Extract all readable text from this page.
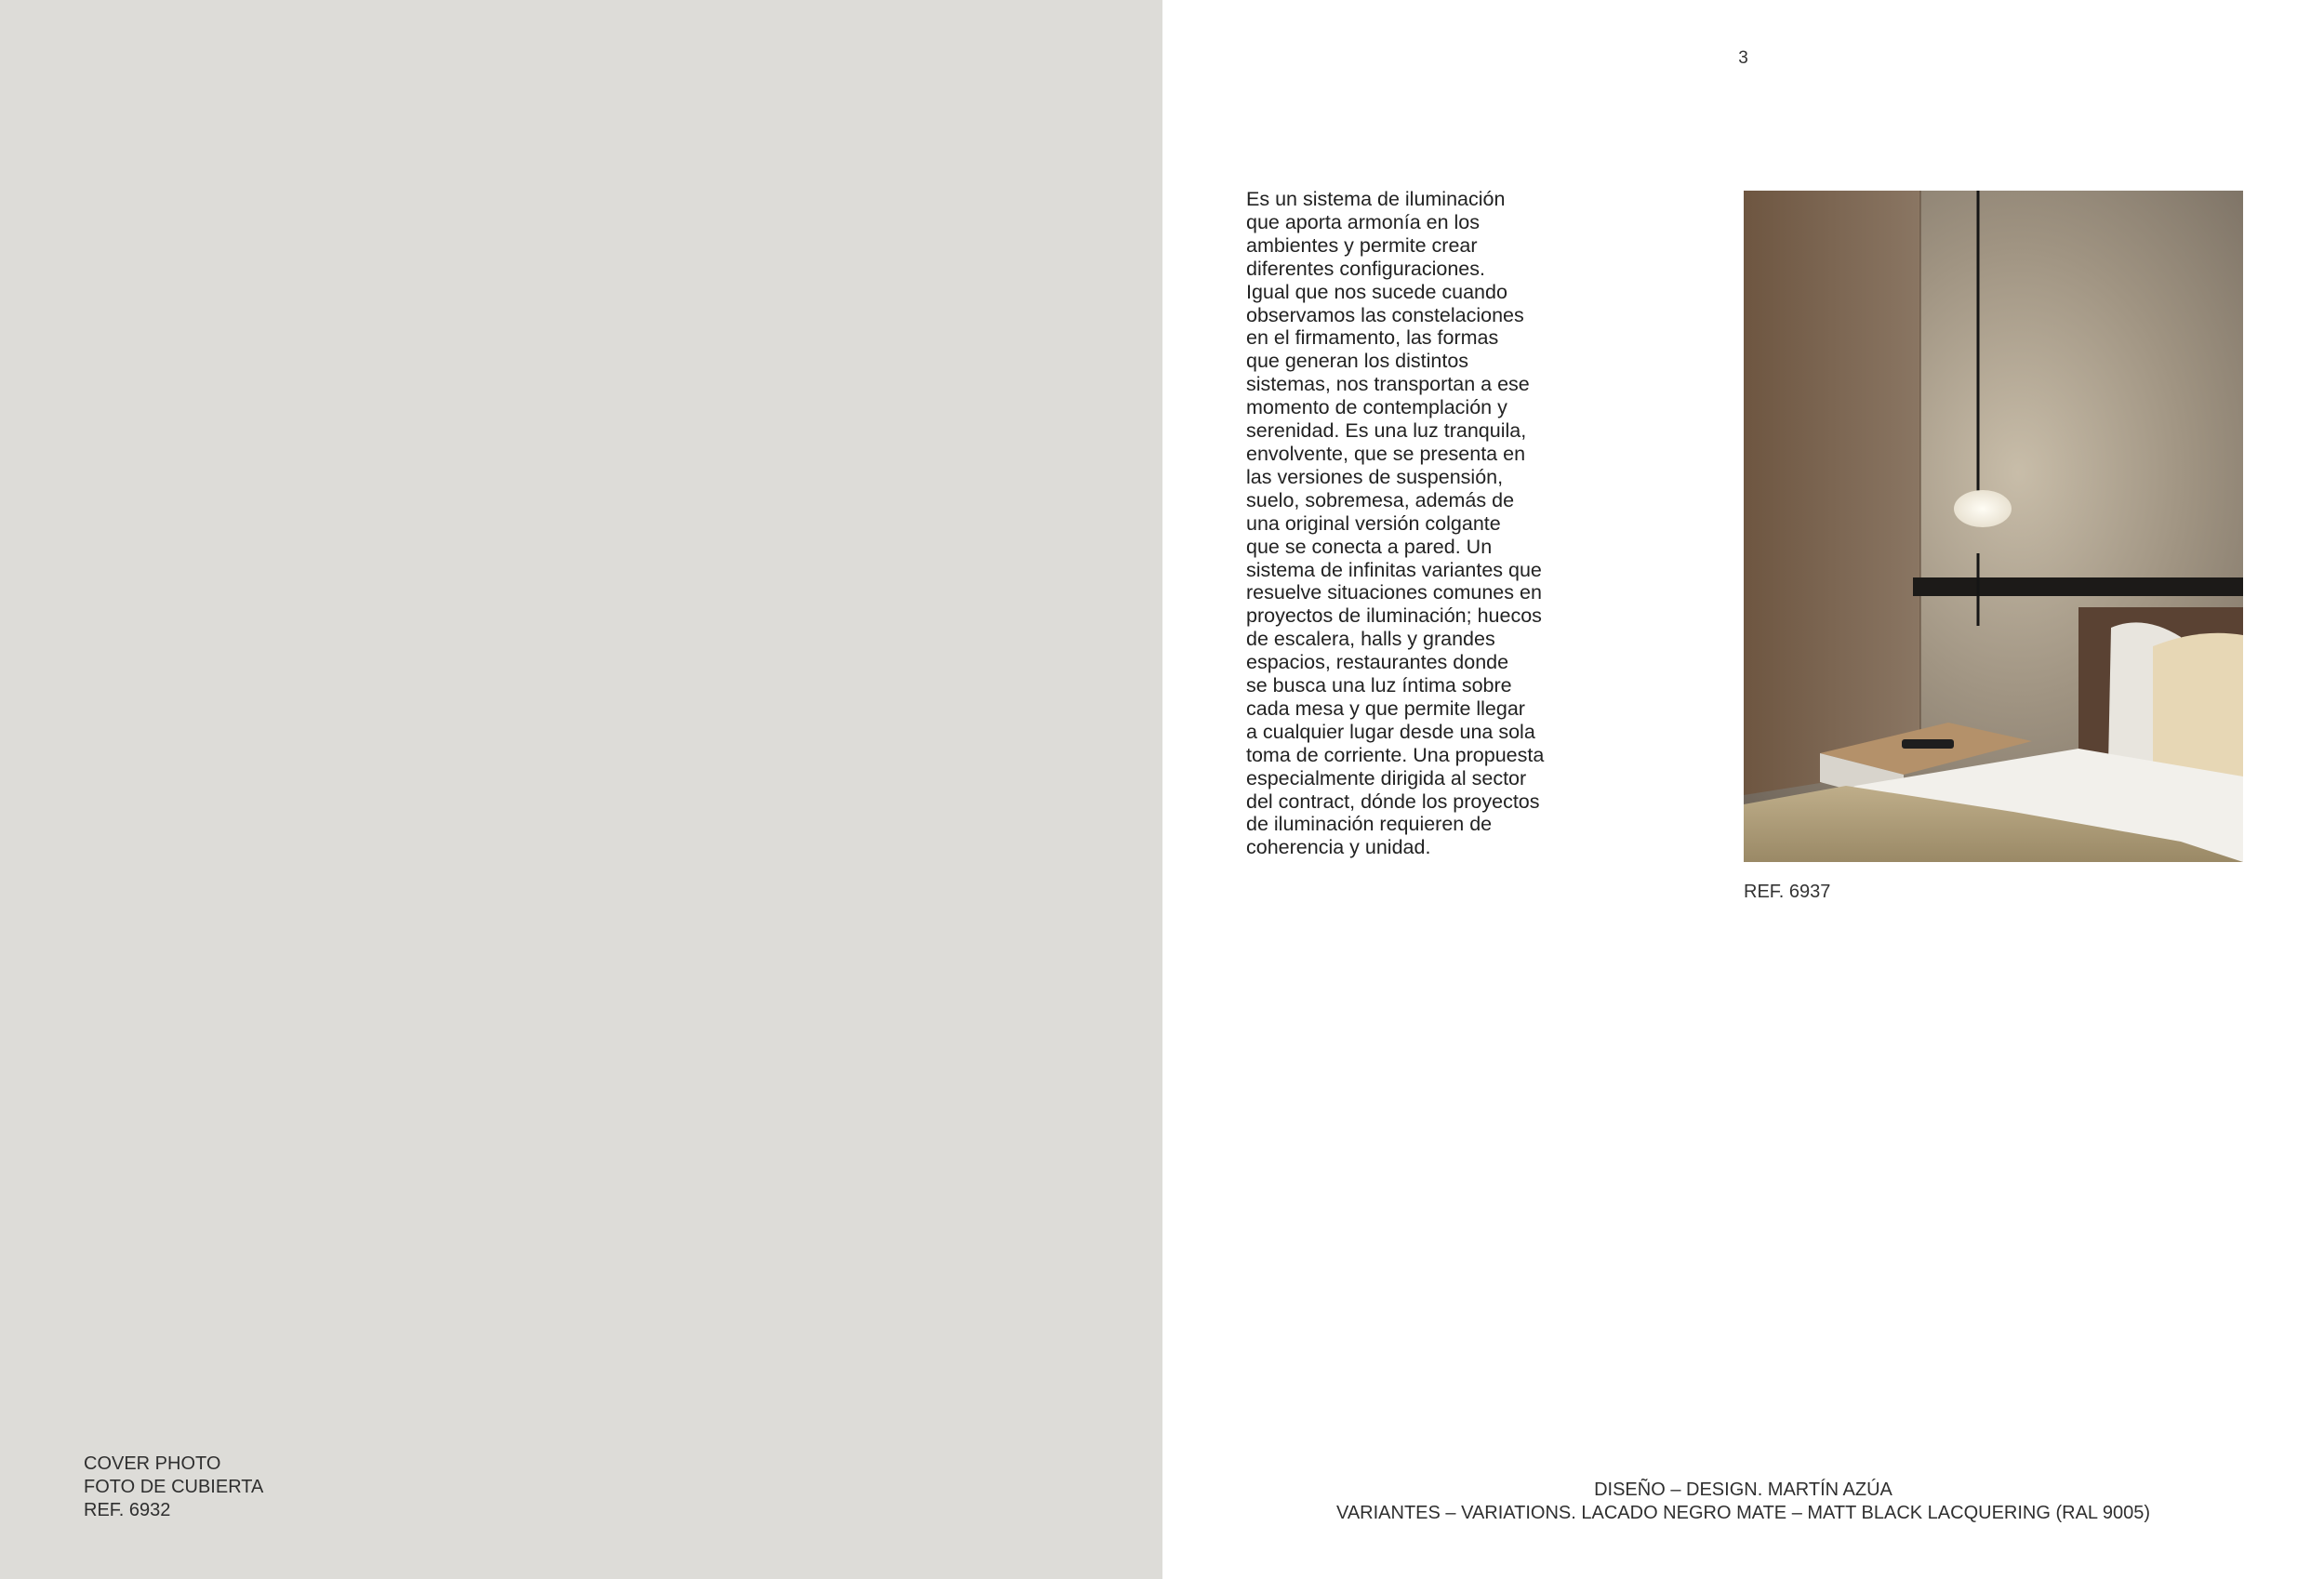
COVER PHOTO
FOTO DE CUBIERTA
REF. 6932
3
Es un sistema de iluminación
que aporta armonía en los
ambientes y permite crear
diferentes configuraciones.
Igual que nos sucede cuando
observamos las constelaciones
en el firmamento, las formas
que generan los distintos
sistemas, nos transportan a ese
momento de contemplación y
serenidad. Es una luz tranquila,
envolvente, que se presenta en
las versiones de suspensión,
suelo, sobremesa, además de
una original versión colgante
que se conecta a pared. Un
sistema de infinitas variantes que
resuelve situaciones comunes en
proyectos de iluminación; huecos
de escalera, halls y grandes
espacios, restaurantes donde
se busca una luz íntima sobre
cada mesa y que permite llegar
a cualquier lugar desde una sola
toma de corriente. Una propuesta
especialmente dirigida al sector
del contract, dónde los proyectos
de iluminación requieren de
coherencia y unidad.
REF. 6937
DISEÑO – DESIGN. MARTÍN AZÚA
VARIANTES – VARIATIONS. LACADO NEGRO MATE – MATT BLACK LACQUERING (RAL 9005)
